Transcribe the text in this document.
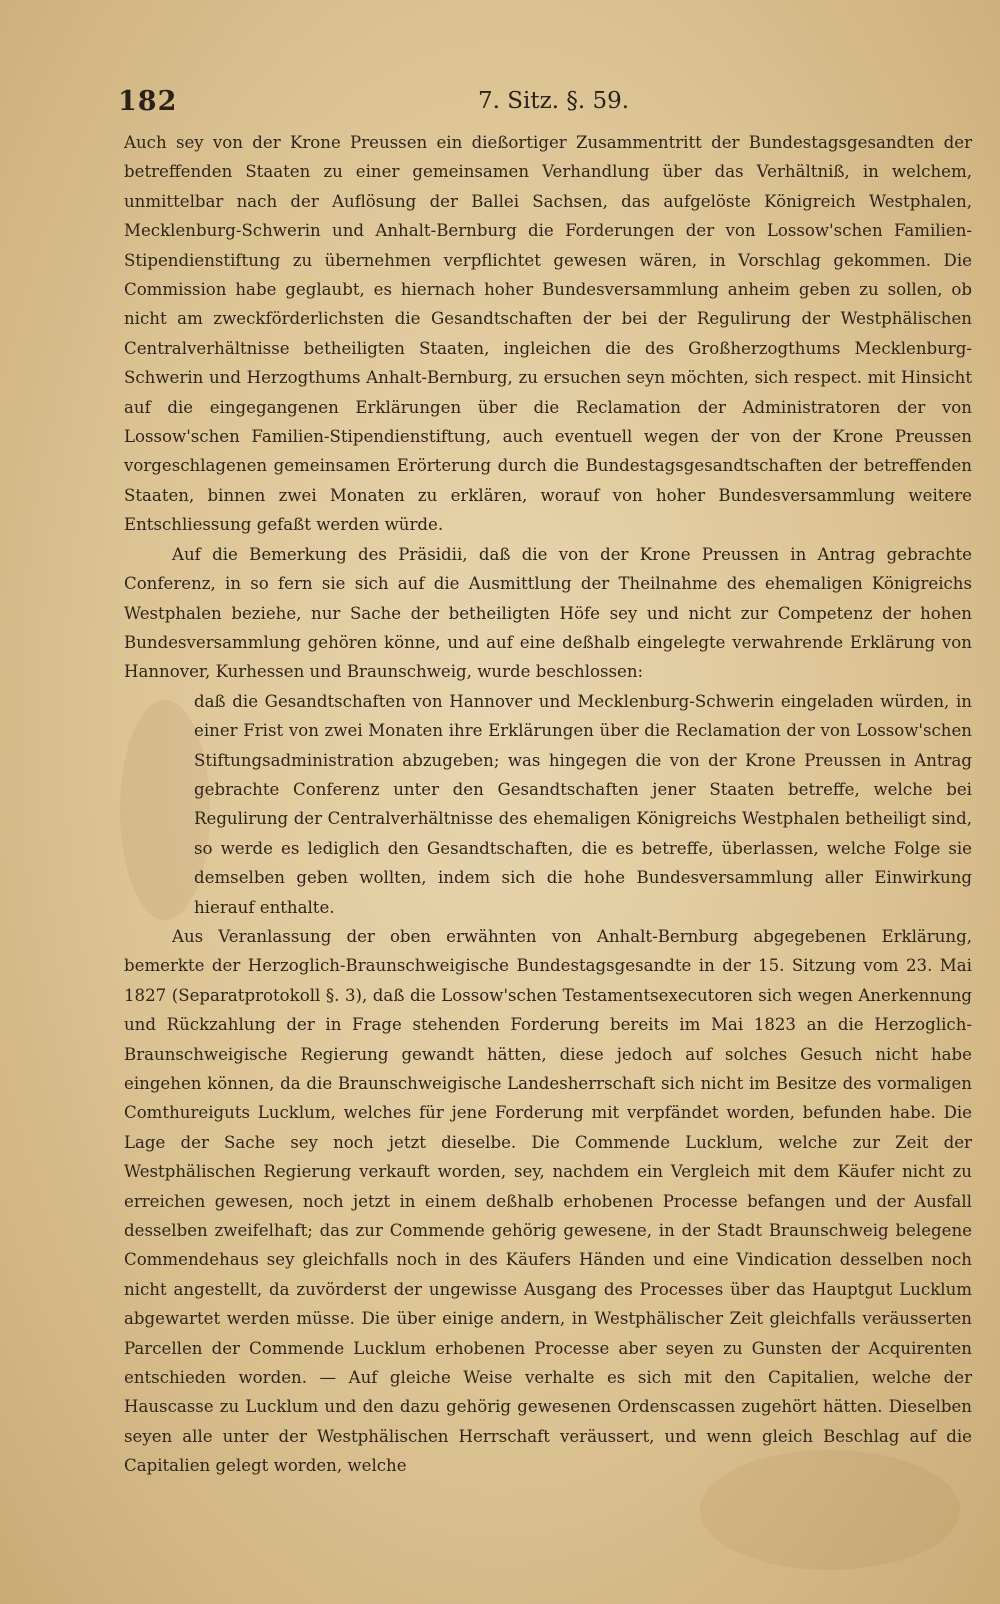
182	7. Sitz. §. 59.

Auch sey von der Krone Preussen ein dießortiger Zusammentritt der Bundestagsgesandten der betreffenden Staaten zu einer gemeinsamen Verhandlung über das Verhältniß, in welchem, unmittelbar nach der Auflösung der Ballei Sachsen, das aufgelöste Königreich Westphalen, Mecklenburg-Schwerin und Anhalt-Bernburg die Forderungen der von Lossow'schen Familien-Stipendienstiftung zu übernehmen verpflichtet gewesen wären, in Vorschlag gekommen. Die Commission habe geglaubt, es hiernach hoher Bundesversammlung anheim geben zu sollen, ob nicht am zweckförderlichsten die Gesandtschaften der bei der Regulirung der Westphälischen Centralverhältnisse betheiligten Staaten, ingleichen die des Großherzogthums Mecklenburg-Schwerin und Herzogthums Anhalt-Bernburg, zu ersuchen seyn möchten, sich respect. mit Hinsicht auf die eingegangenen Erklärungen über die Reclamation der Administratoren der von Lossow'schen Familien-Stipendienstiftung, auch eventuell wegen der von der Krone Preussen vorgeschlagenen gemeinsamen Erörterung durch die Bundestagsgesandtschaften der betreffenden Staaten, binnen zwei Monaten zu erklären, worauf von hoher Bundesversammlung weitere Entschliessung gefaßt werden würde.

Auf die Bemerkung des Präsidii, daß die von der Krone Preussen in Antrag gebrachte Conferenz, in so fern sie sich auf die Ausmittlung der Theilnahme des ehemaligen Königreichs Westphalen beziehe, nur Sache der betheiligten Höfe sey und nicht zur Competenz der hohen Bundesversammlung gehören könne, und auf eine deßhalb eingelegte verwahrende Erklärung von Hannover, Kurhessen und Braunschweig, wurde beschlossen:

daß die Gesandtschaften von Hannover und Mecklenburg-Schwerin eingeladen würden, in einer Frist von zwei Monaten ihre Erklärungen über die Reclamation der von Lossow'schen Stiftungsadministration abzugeben; was hingegen die von der Krone Preussen in Antrag gebrachte Conferenz unter den Gesandtschaften jener Staaten betreffe, welche bei Regulirung der Centralverhältnisse des ehemaligen Königreichs Westphalen betheiligt sind, so werde es lediglich den Gesandtschaften, die es betreffe, überlassen, welche Folge sie demselben geben wollten, indem sich die hohe Bundesversammlung aller Einwirkung hierauf enthalte.

Aus Veranlassung der oben erwähnten von Anhalt-Bernburg abgegebenen Erklärung, bemerkte der Herzoglich-Braunschweigische Bundestagsgesandte in der 15. Sitzung vom 23. Mai 1827 (Separatprotokoll §. 3), daß die Lossow'schen Testamentsexecutoren sich wegen Anerkennung und Rückzahlung der in Frage stehenden Forderung bereits im Mai 1823 an die Herzoglich-Braunschweigische Regierung gewandt hätten, diese jedoch auf solches Gesuch nicht habe eingehen können, da die Braunschweigische Landesherrschaft sich nicht im Besitze des vormaligen Comthureiguts Lucklum, welches für jene Forderung mit verpfändet worden, befunden habe. Die Lage der Sache sey noch jetzt dieselbe. Die Commende Lucklum, welche zur Zeit der Westphälischen Regierung verkauft worden, sey, nachdem ein Vergleich mit dem Käufer nicht zu erreichen gewesen, noch jetzt in einem deßhalb erhobenen Processe befangen und der Ausfall desselben zweifelhaft; das zur Commende gehörig gewesene, in der Stadt Braunschweig belegene Commendehaus sey gleichfalls noch in des Käufers Händen und eine Vindication desselben noch nicht angestellt, da zuvörderst der ungewisse Ausgang des Processes über das Hauptgut Lucklum abgewartet werden müsse. Die über einige andern, in Westphälischer Zeit gleichfalls veräusserten Parcellen der Commende Lucklum erhobenen Processe aber seyen zu Gunsten der Acquirenten entschieden worden. — Auf gleiche Weise verhalte es sich mit den Capitalien, welche der Hauscasse zu Lucklum und den dazu gehörig gewesenen Ordenscassen zugehört hätten. Dieselben seyen alle unter der Westphälischen Herrschaft veräussert, und wenn gleich Beschlag auf die Capitalien gelegt worden, welche
